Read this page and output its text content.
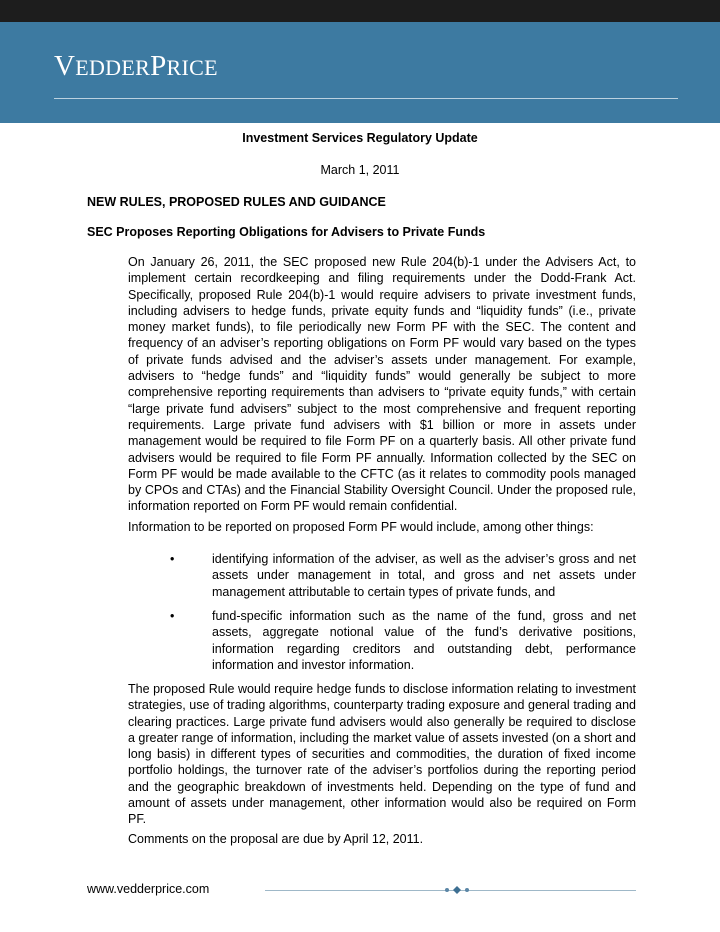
VEDDERPRICE
Investment Services Regulatory Update
March 1, 2011
NEW RULES, PROPOSED RULES AND GUIDANCE
SEC Proposes Reporting Obligations for Advisers to Private Funds

On January 26, 2011, the SEC proposed new Rule 204(b)-1 under the Advisers Act, to implement certain recordkeeping and filing requirements under the Dodd-Frank Act. Specifically, proposed Rule 204(b)-1 would require advisers to private investment funds, including advisers to hedge funds, private equity funds and “liquidity funds” (i.e., private money market funds), to file periodically new Form PF with the SEC. The content and frequency of an adviser’s reporting obligations on Form PF would vary based on the types of private funds advised and the adviser’s assets under management. For example, advisers to “hedge funds” and “liquidity funds” would generally be subject to more comprehensive reporting requirements than advisers to “private equity funds,” with certain “large private fund advisers” subject to the most comprehensive and frequent reporting requirements. Large private fund advisers with $1 billion or more in assets under management would be required to file Form PF on a quarterly basis. All other private fund advisers would be required to file Form PF annually. Information collected by the SEC on Form PF would be made available to the CFTC (as it relates to commodity pools managed by CPOs and CTAs) and the Financial Stability Oversight Council. Under the proposed rule, information reported on Form PF would remain confidential.

Information to be reported on proposed Form PF would include, among other things:

•	identifying information of the adviser, as well as the adviser’s gross and net assets under management in total, and gross and net assets under management attributable to certain types of private funds, and
•	fund-specific information such as the name of the fund, gross and net assets, aggregate notional value of the fund’s derivative positions, information regarding creditors and outstanding debt, performance information and investor information.

The proposed Rule would require hedge funds to disclose information relating to investment strategies, use of trading algorithms, counterparty trading exposure and general trading and clearing practices. Large private fund advisers would also generally be required to disclose a greater range of information, including the market value of assets invested (on a short and long basis) in different types of securities and commodities, the duration of fixed income portfolio holdings, the turnover rate of the adviser’s portfolios during the reporting period and the geographic breakdown of investments held. Depending on the type of fund and amount of assets under management, other information would also be required on Form PF.

Comments on the proposal are due by April 12, 2011.

www.vedderprice.com
